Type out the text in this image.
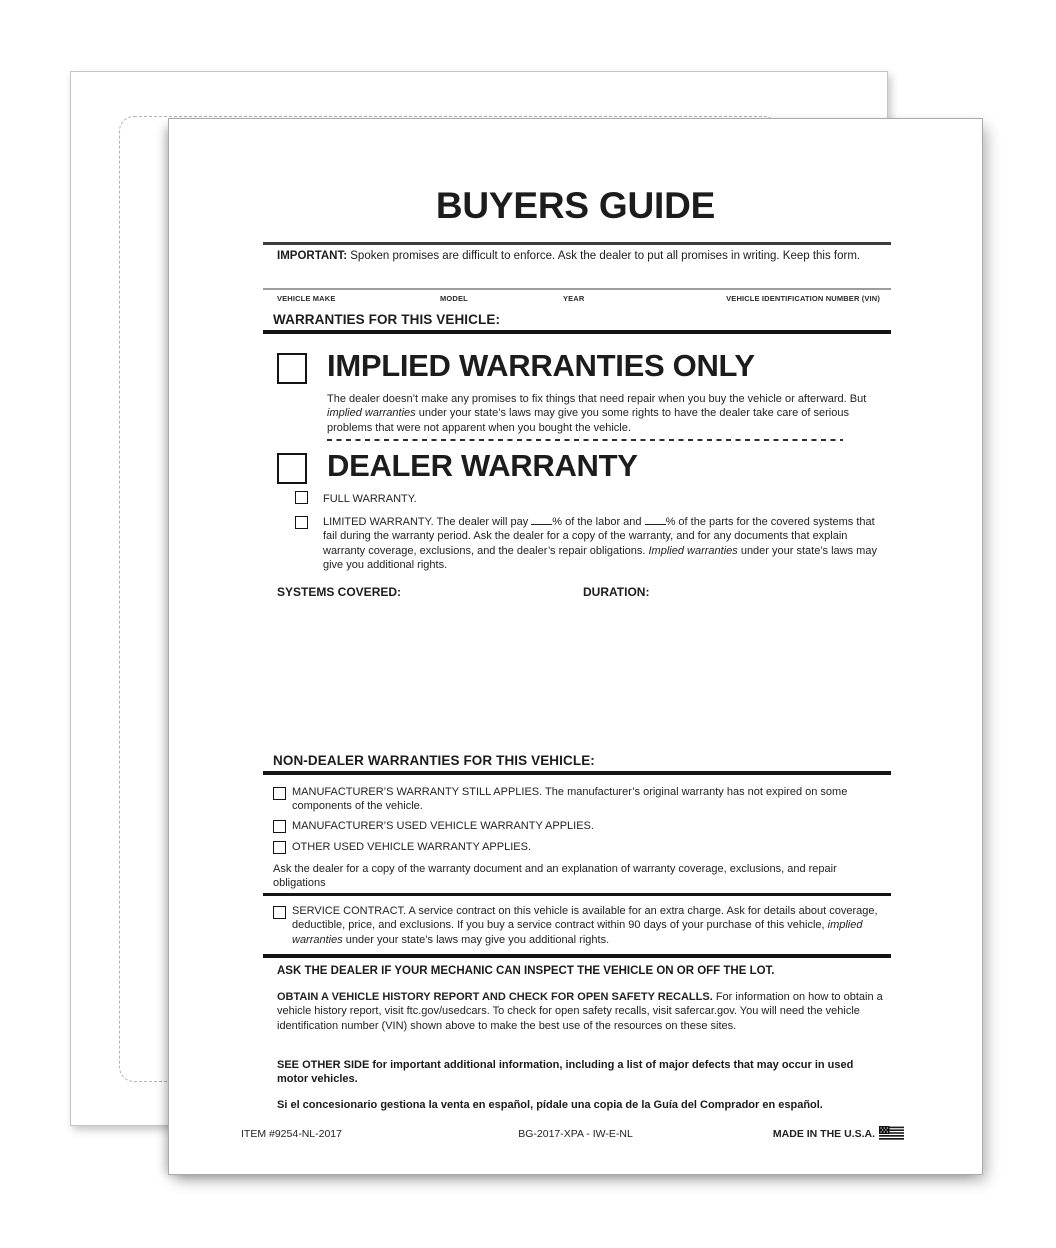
BUYERS GUIDE
IMPORTANT: Spoken promises are difficult to enforce. Ask the dealer to put all promises in writing. Keep this form.
VEHICLE MAKE	MODEL	YEAR	VEHICLE IDENTIFICATION NUMBER (VIN)
WARRANTIES FOR THIS VEHICLE:
IMPLIED WARRANTIES ONLY
The dealer doesn’t make any promises to fix things that need repair when you buy the vehicle or afterward. But implied warranties under your state’s laws may give you some rights to have the dealer take care of serious problems that were not apparent when you bought the vehicle.
DEALER WARRANTY
FULL WARRANTY.
LIMITED WARRANTY. The dealer will pay % of the labor and % of the parts for the covered systems that fail during the warranty period. Ask the dealer for a copy of the warranty, and for any documents that explain warranty coverage, exclusions, and the dealer’s repair obligations. Implied warranties under your state’s laws may give you additional rights.
SYSTEMS COVERED:	DURATION:
NON-DEALER WARRANTIES FOR THIS VEHICLE:
MANUFACTURER’S WARRANTY STILL APPLIES. The manufacturer’s original warranty has not expired on some components of the vehicle.
MANUFACTURER’S USED VEHICLE WARRANTY APPLIES.
OTHER USED VEHICLE WARRANTY APPLIES.
Ask the dealer for a copy of the warranty document and an explanation of warranty coverage, exclusions, and repair obligations
SERVICE CONTRACT. A service contract on this vehicle is available for an extra charge. Ask for details about coverage, deductible, price, and exclusions. If you buy a service contract within 90 days of your purchase of this vehicle, implied warranties under your state’s laws may give you additional rights.
ASK THE DEALER IF YOUR MECHANIC CAN INSPECT THE VEHICLE ON OR OFF THE LOT.
OBTAIN A VEHICLE HISTORY REPORT AND CHECK FOR OPEN SAFETY RECALLS. For information on how to obtain a vehicle history report, visit ftc.gov/usedcars. To check for open safety recalls, visit safercar.gov. You will need the vehicle identification number (VIN) shown above to make the best use of the resources on these sites.
SEE OTHER SIDE for important additional information, including a list of major defects that may occur in used motor vehicles.
Si el concesionario gestiona la venta en español, pídale una copia de la Guía del Comprador en español.
ITEM #9254-NL-2017	BG-2017-XPA - IW-E-NL	MADE IN THE U.S.A.
